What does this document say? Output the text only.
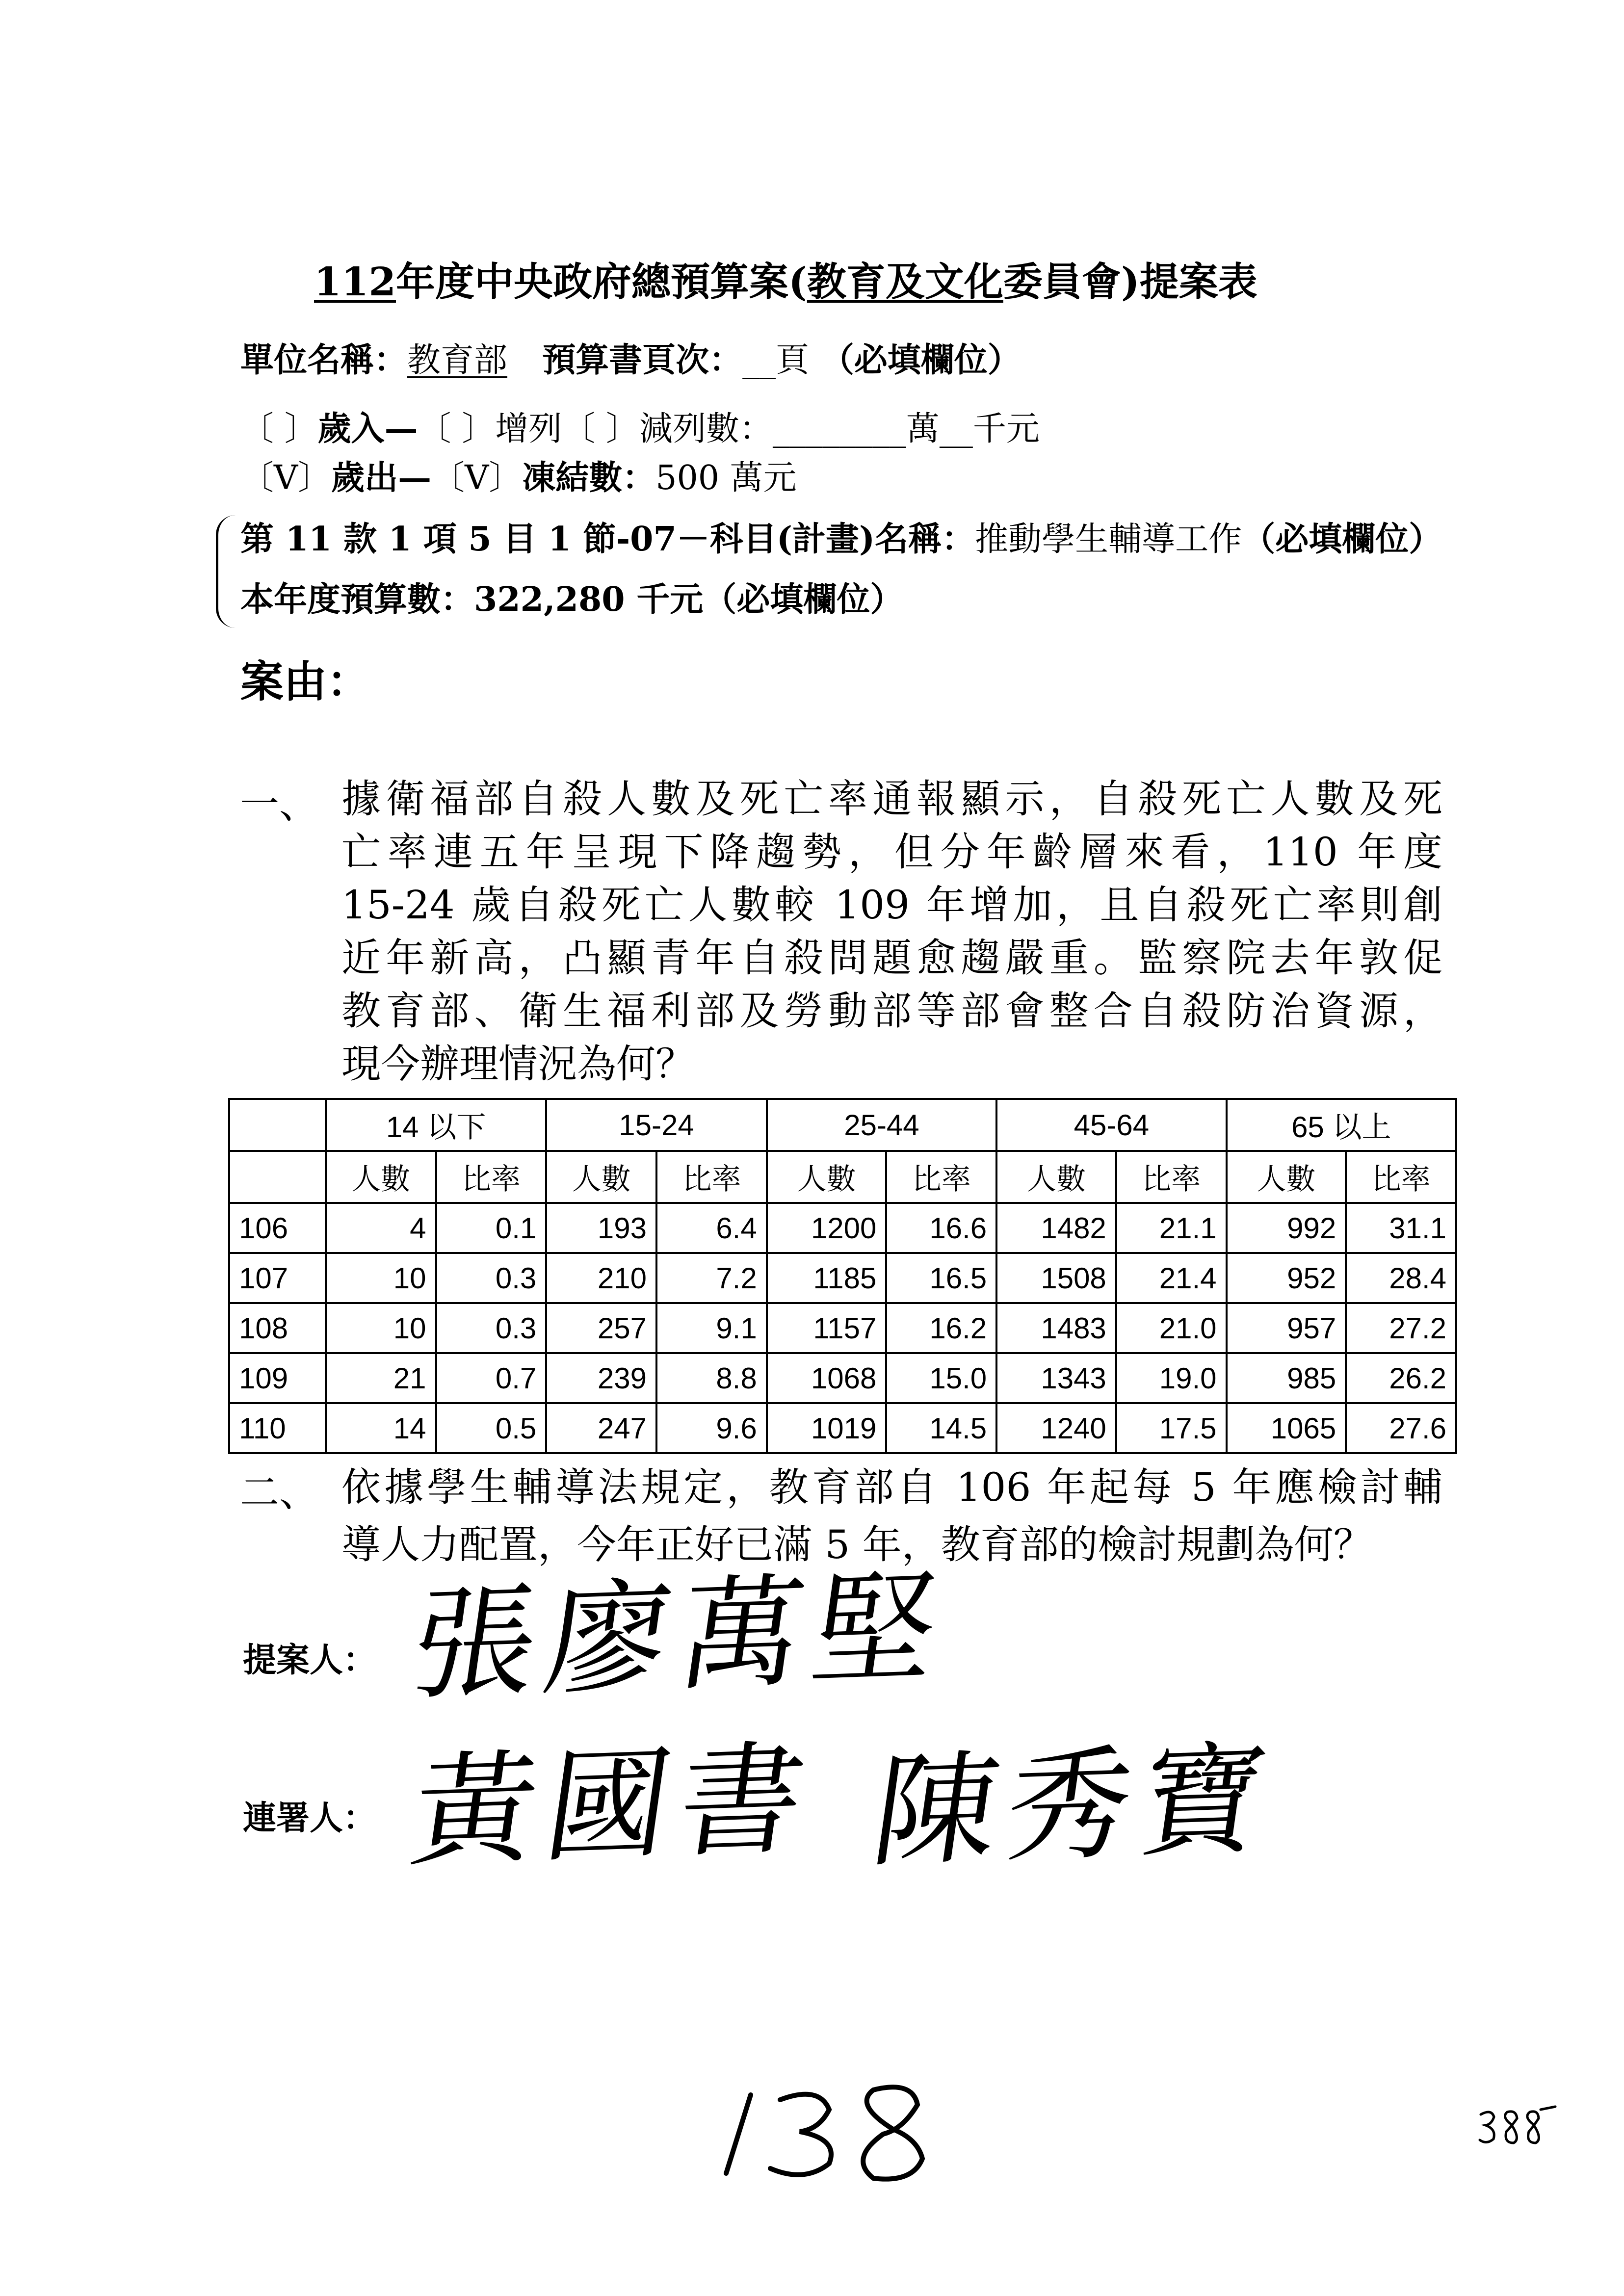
112年度中央政府總預算案(教育及文化委員會)提案表
單位名稱：教育部 預算書頁次：__頁 （必填欄位）
〔 〕歲入—〔 〕增列〔 〕減列數：________萬__千元
〔V〕歲出—〔V〕凍結數：500 萬元
第 11 款 1 項 5 目 1 節-07－科目(計畫)名稱：推動學生輔導工作（必填欄位）
本年度預算數：322,280 千元（必填欄位）
案由：
一、 據衛福部自殺人數及死亡率通報顯示，自殺死亡人數及死
亡率連五年呈現下降趨勢，但分年齡層來看，110 年度
15-24 歲自殺死亡人數較 109 年增加，且自殺死亡率則創
近年新高，凸顯青年自殺問題愈趨嚴重。監察院去年敦促
教育部、衛生福利部及勞動部等部會整合自殺防治資源，
現今辦理情況為何？
	14 以下		15-24		25-44		45-64		65 以上	
	人數	比率	人數	比率	人數	比率	人數	比率	人數	比率
106	4	0.1	193	6.4	1200	16.6	1482	21.1	992	31.1
107	10	0.3	210	7.2	1185	16.5	1508	21.4	952	28.4
108	10	0.3	257	9.1	1157	16.2	1483	21.0	957	27.2
109	21	0.7	239	8.8	1068	15.0	1343	19.0	985	26.2
110	14	0.5	247	9.6	1019	14.5	1240	17.5	1065	27.6
二、 依據學生輔導法規定，教育部自 106 年起每 5 年應檢討輔
導人力配置，今年正好已滿 5 年，教育部的檢討規劃為何？
提案人： 張廖萬堅
連署人： 黃國書 陳秀寶
